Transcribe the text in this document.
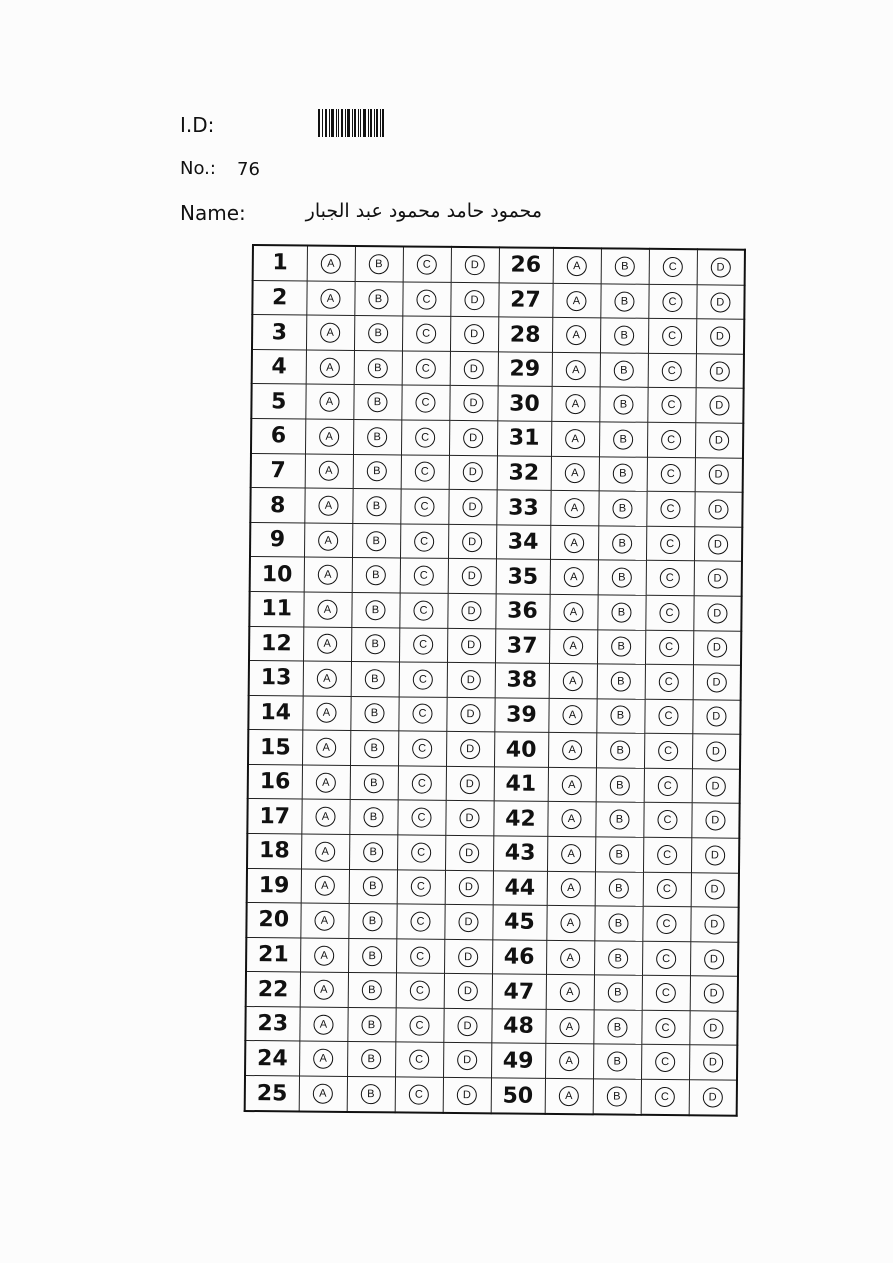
I.D:
No.: 76
Name:	محمود حامد محمود عبد الجبار
1	A	B	C	D	26	A	B	C	D
2	A	B	C	D	27	A	B	C	D
3	A	B	C	D	28	A	B	C	D
4	A	B	C	D	29	A	B	C	D
5	A	B	C	D	30	A	B	C	D
6	A	B	C	D	31	A	B	C	D
7	A	B	C	D	32	A	B	C	D
8	A	B	C	D	33	A	B	C	D
9	A	B	C	D	34	A	B	C	D
10	A	B	C	D	35	A	B	C	D
11	A	B	C	D	36	A	B	C	D
12	A	B	C	D	37	A	B	C	D
13	A	B	C	D	38	A	B	C	D
14	A	B	C	D	39	A	B	C	D
15	A	B	C	D	40	A	B	C	D
16	A	B	C	D	41	A	B	C	D
17	A	B	C	D	42	A	B	C	D
18	A	B	C	D	43	A	B	C	D
19	A	B	C	D	44	A	B	C	D
20	A	B	C	D	45	A	B	C	D
21	A	B	C	D	46	A	B	C	D
22	A	B	C	D	47	A	B	C	D
23	A	B	C	D	48	A	B	C	D
24	A	B	C	D	49	A	B	C	D
25	A	B	C	D	50	A	B	C	D
